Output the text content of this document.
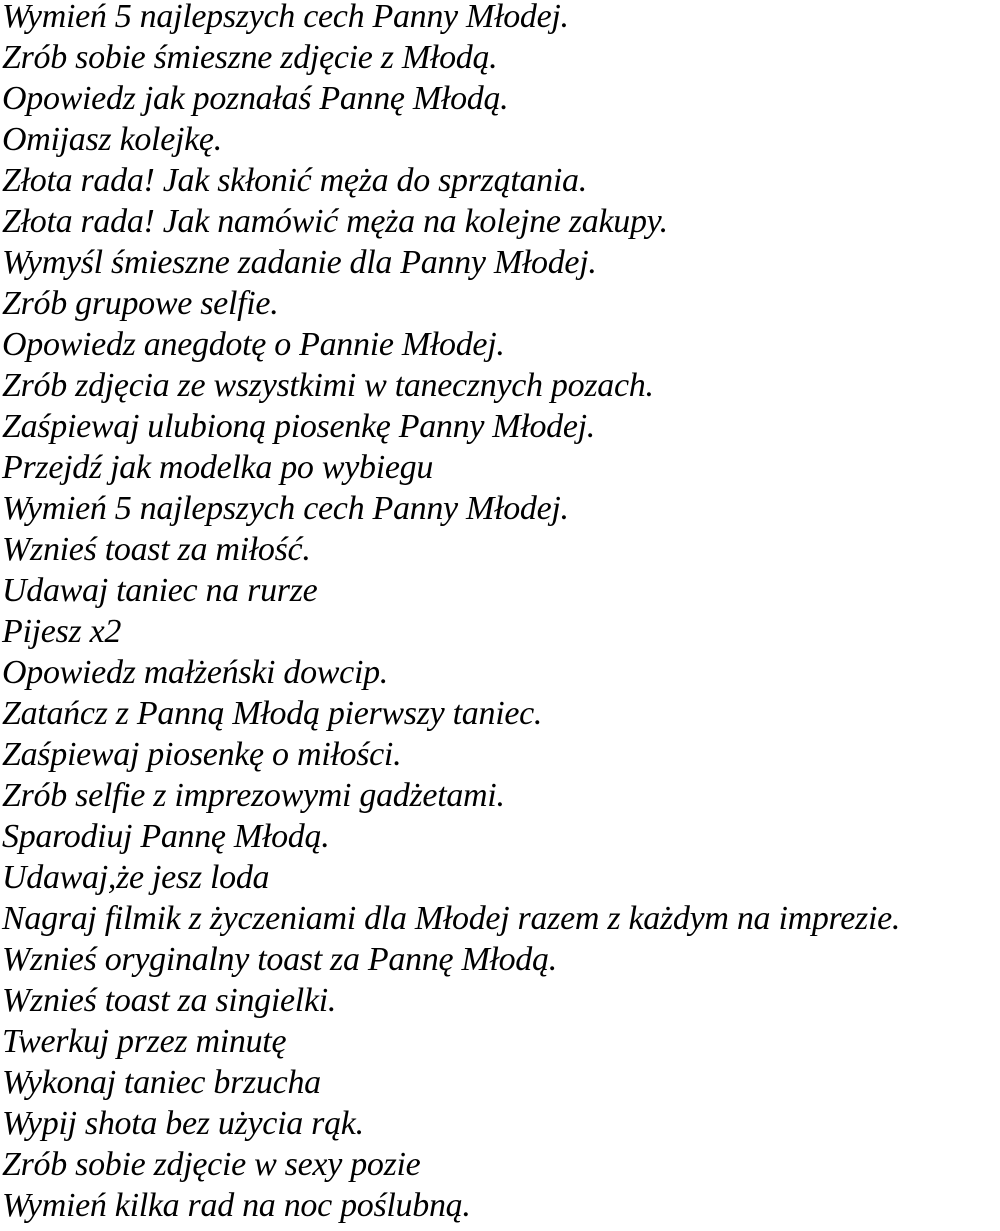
Wymień 5 najlepszych cech Panny Młodej.
Zrób sobie śmieszne zdjęcie z Młodą.
Opowiedz jak poznałaś Pannę Młodą.
Omijasz kolejkę.
Złota rada! Jak skłonić męża do sprzątania.
Złota rada! Jak namówić męża na kolejne zakupy.
Wymyśl śmieszne zadanie dla Panny Młodej.
Zrób grupowe selfie.
Opowiedz anegdotę o Pannie Młodej.
Zrób zdjęcia ze wszystkimi w tanecznych pozach.
Zaśpiewaj ulubioną piosenkę Panny Młodej.
Przejdź jak modelka po wybiegu
Wymień 5 najlepszych cech Panny Młodej.
Wznieś toast za miłość.
Udawaj taniec na rurze
Pijesz x2
Opowiedz małżeński dowcip.
Zatańcz z Panną Młodą pierwszy taniec.
Zaśpiewaj piosenkę o miłości.
Zrób selfie z imprezowymi gadżetami.
Sparodiuj Pannę Młodą.
Udawaj,że jesz loda
Nagraj filmik z życzeniami dla Młodej razem z każdym na imprezie.
Wznieś oryginalny toast za Pannę Młodą.
Wznieś toast za singielki.
Twerkuj przez minutę
Wykonaj taniec brzucha
Wypij shota bez użycia rąk.
Zrób sobie zdjęcie w sexy pozie
Wymień kilka rad na noc poślubną.
